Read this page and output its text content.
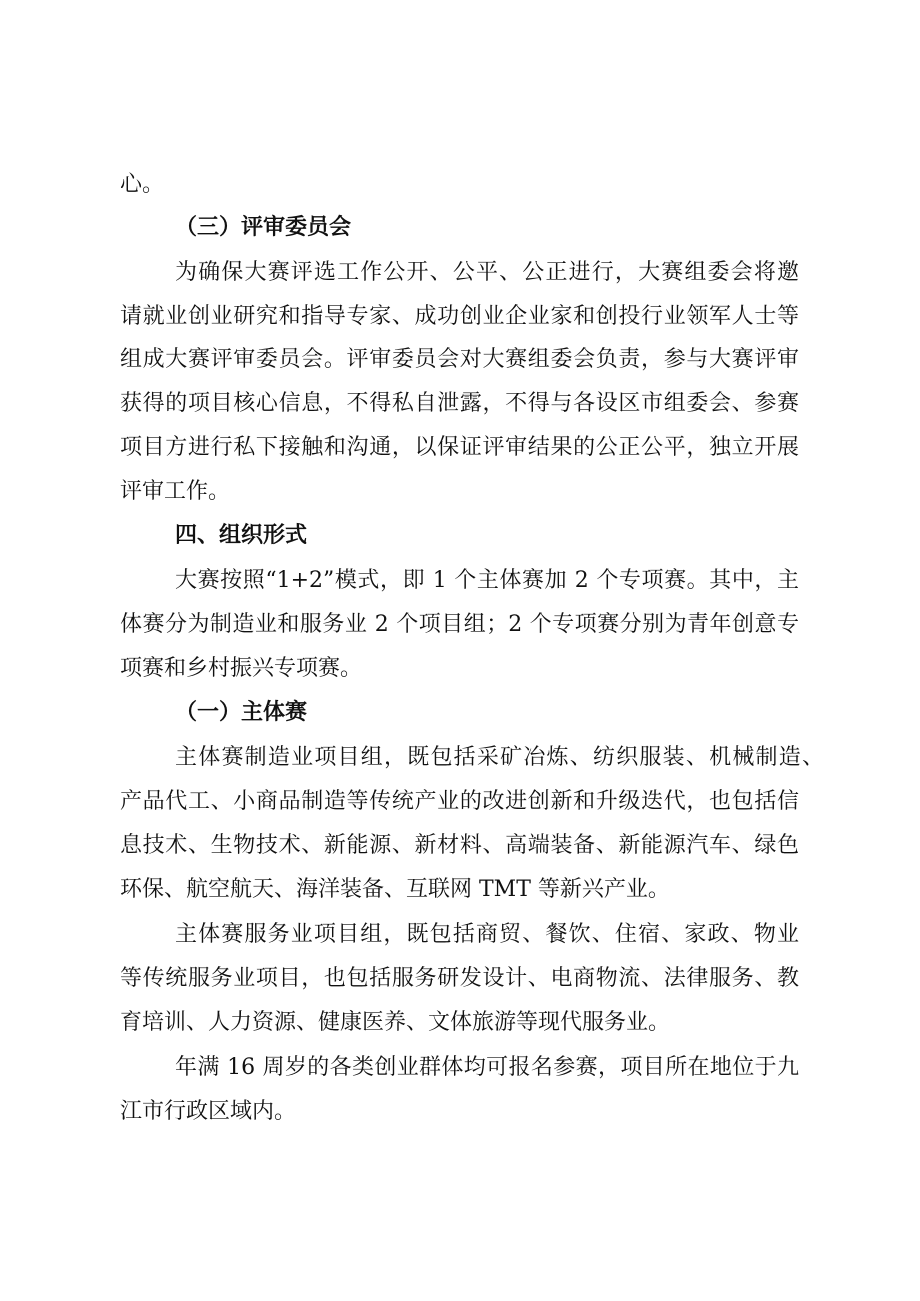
心。
（三）评审委员会
为确保大赛评选工作公开、公平、公正进行，大赛组委会将邀
请就业创业研究和指导专家、成功创业企业家和创投行业领军人士等
组成大赛评审委员会。评审委员会对大赛组委会负责，参与大赛评审
获得的项目核心信息，不得私自泄露，不得与各设区市组委会、参赛
项目方进行私下接触和沟通，以保证评审结果的公正公平，独立开展
评审工作。
四、组织形式
大赛按照“1+2”模式，即 1 个主体赛加 2 个专项赛。其中，主
体赛分为制造业和服务业 2 个项目组；2 个专项赛分别为青年创意专
项赛和乡村振兴专项赛。
（一）主体赛
主体赛制造业项目组，既包括采矿冶炼、纺织服装、机械制造、
产品代工、小商品制造等传统产业的改进创新和升级迭代，也包括信
息技术、生物技术、新能源、新材料、高端装备、新能源汽车、绿色
环保、航空航天、海洋装备、互联网 TMT 等新兴产业。
主体赛服务业项目组，既包括商贸、餐饮、住宿、家政、物业
等传统服务业项目，也包括服务研发设计、电商物流、法律服务、教
育培训、人力资源、健康医养、文体旅游等现代服务业。
年满 16 周岁的各类创业群体均可报名参赛，项目所在地位于九
江市行政区域内。
